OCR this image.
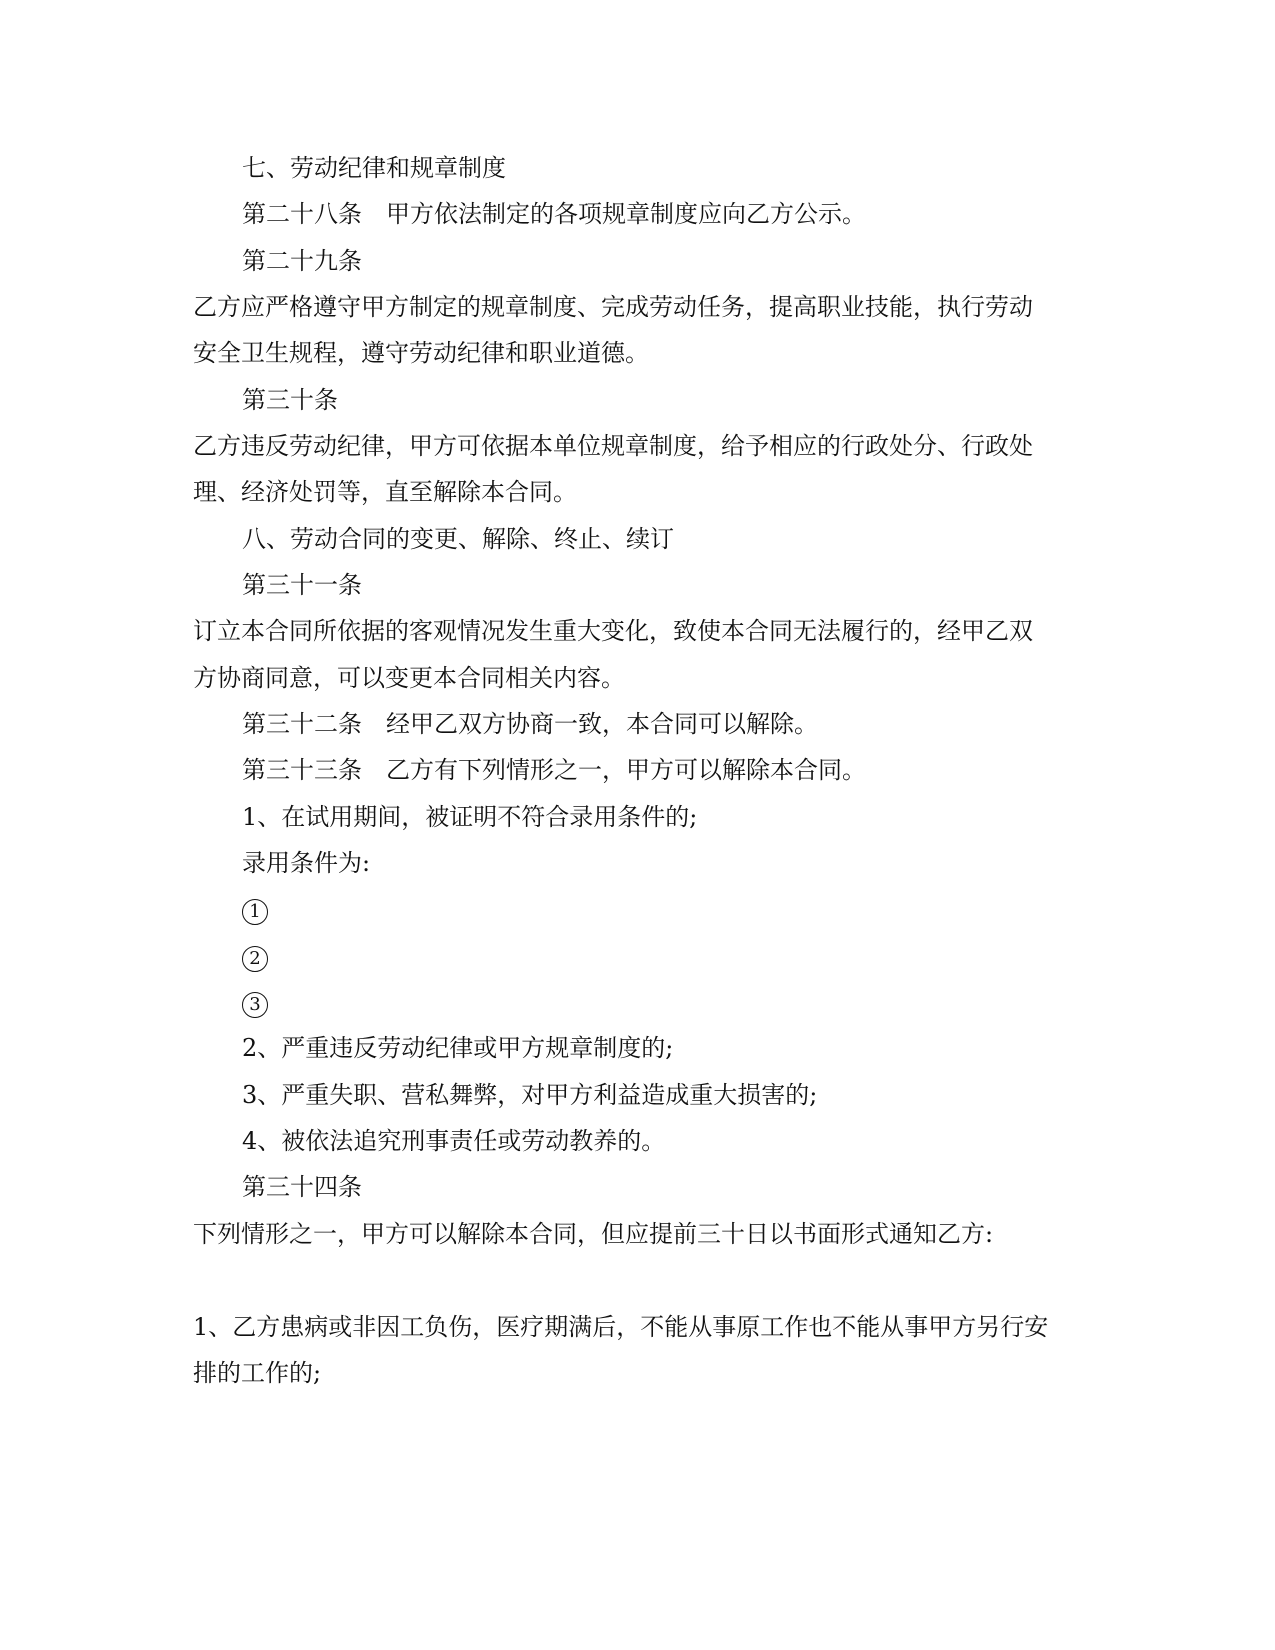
七、劳动纪律和规章制度
第二十八条　甲方依法制定的各项规章制度应向乙方公示。
第二十九条
乙方应严格遵守甲方制定的规章制度、完成劳动任务，提高职业技能，执行劳动
安全卫生规程，遵守劳动纪律和职业道德。
第三十条
乙方违反劳动纪律，甲方可依据本单位规章制度，给予相应的行政处分、行政处
理、经济处罚等，直至解除本合同。
八、劳动合同的变更、解除、终止、续订
第三十一条
订立本合同所依据的客观情况发生重大变化，致使本合同无法履行的，经甲乙双
方协商同意，可以变更本合同相关内容。
第三十二条　经甲乙双方协商一致，本合同可以解除。
第三十三条　乙方有下列情形之一，甲方可以解除本合同。
1、在试用期间，被证明不符合录用条件的;
录用条件为:
1
2
3
2、严重违反劳动纪律或甲方规章制度的;
3、严重失职、营私舞弊，对甲方利益造成重大损害的;
4、被依法追究刑事责任或劳动教养的。
第三十四条
下列情形之一，甲方可以解除本合同，但应提前三十日以书面形式通知乙方:
1、乙方患病或非因工负伤，医疗期满后，不能从事原工作也不能从事甲方另行安
排的工作的;
